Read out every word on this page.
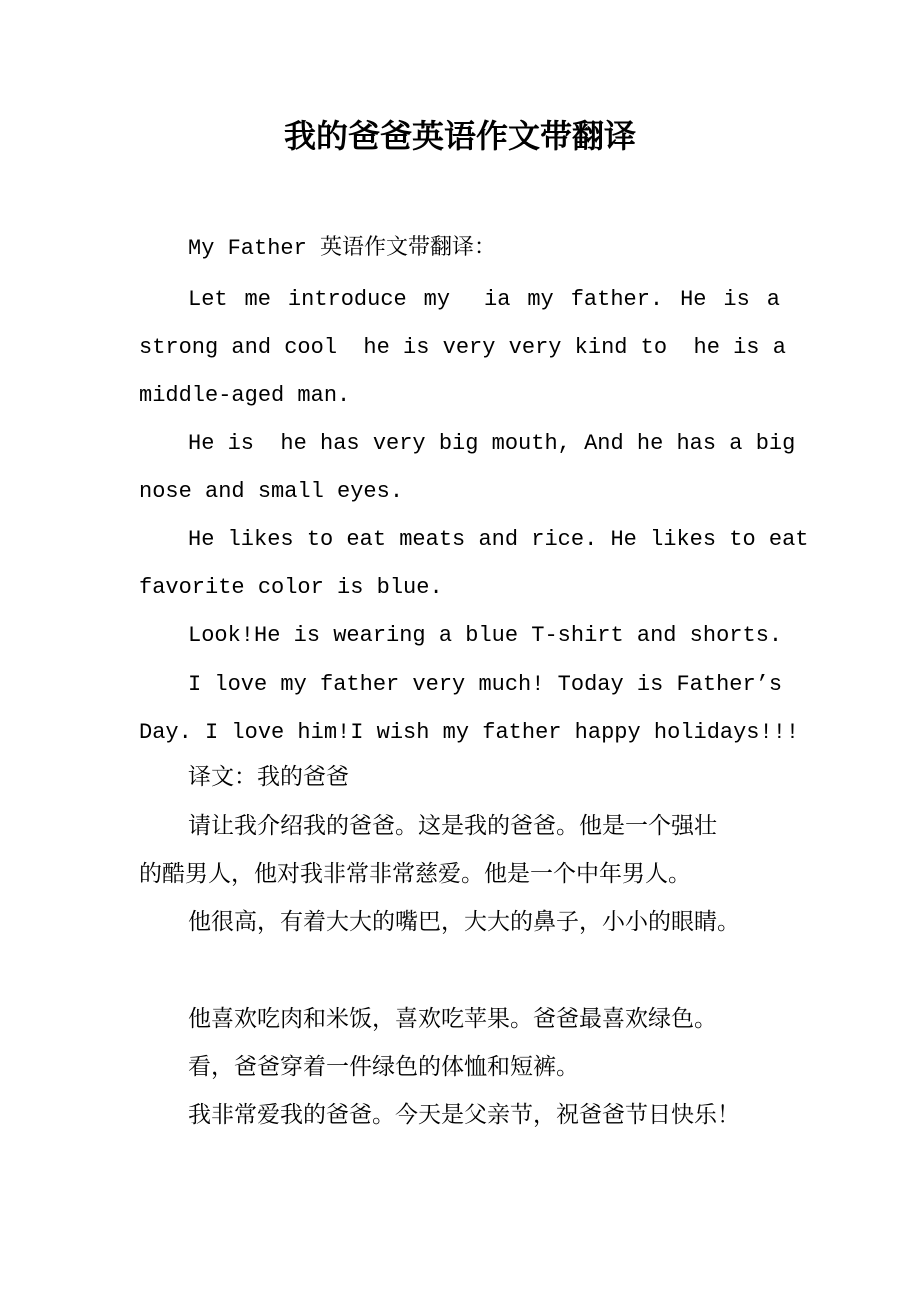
我的爸爸英语作文带翻译
My Father 英语作文带翻译：
Let me introduce my  ia my father. He is a
strong and cool  he is very very kind to  he is a
middle-aged man.
He is  he has very big mouth, And he has a big
nose and small eyes.
He likes to eat meats and rice. He likes to eat
favorite color is blue.
Look!He is wearing a blue T-shirt and shorts.
I love my father very much! Today is Father’s
Day. I love him!I wish my father happy holidays!!!
译文：我的爸爸
请让我介绍我的爸爸。这是我的爸爸。他是一个强壮
的酷男人，他对我非常非常慈爱。他是一个中年男人。
他很高，有着大大的嘴巴，大大的鼻子，小小的眼睛。
他喜欢吃肉和米饭，喜欢吃苹果。爸爸最喜欢绿色。
看，爸爸穿着一件绿色的体恤和短裤。
我非常爱我的爸爸。今天是父亲节，祝爸爸节日快乐！
